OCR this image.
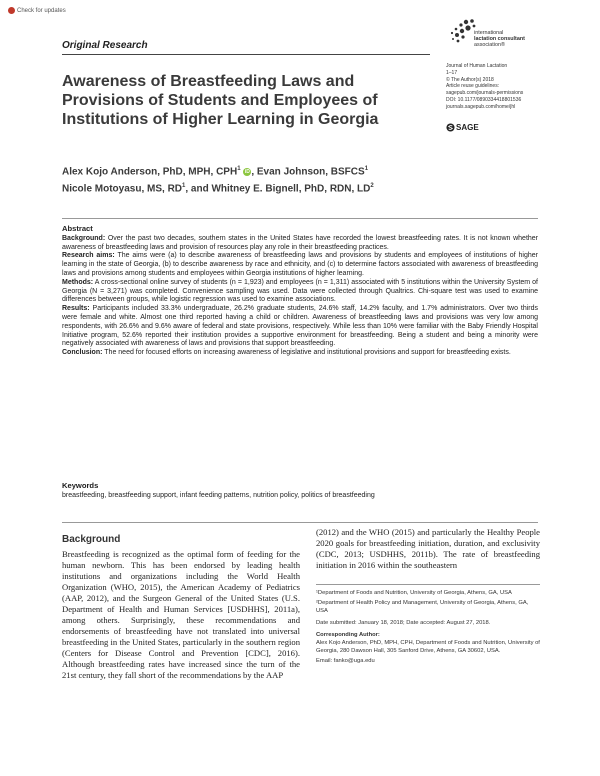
Check for updates
Original Research
international
lactation consultant
association®
Journal of Human Lactation
1–17
© The Author(s) 2018
Article reuse guidelines:
sagepub.com/journals-permissions
DOI: 10.1177/0890334418801536
journals.sagepub.com/home/jhl
SAGE
Awareness of Breastfeeding Laws and Provisions of Students and Employees of Institutions of Higher Learning in Georgia
Alex Kojo Anderson, PhD, MPH, CPH$^1$ iD , Evan Johnson, BSFCS$^1$
Nicole Motoyasu, MS, $RD^1$, and Whitney E. Bignell, PhD, RDN, $LD^2$

Abstract

Background: Over the past two decades, southern states in the United States have recorded the lowest breastfeeding rates. It is not known whether awareness of breastfeeding laws and provision of resources play any role in their breastfeeding practices.

Research aims: The aims were (a) to describe awareness of breastfeeding laws and provisions by students and employees of institutions of higher learning in the state of Georgia, (b) to describe awareness by race and ethnicity, and (c) to determine factors associated with awareness of breastfeeding laws and provisions among students and employees within Georgia institutions of higher learning.

Methods: A cross-sectional online survey of students (n = 1,923) and employees (n = 1,311) associated with 5 institutions within the University System of Georgia (N = 3,271) was completed. Convenience sampling was used. Data were collected through Qualtrics. Chi-square test was used to examine differences between groups, while logistic regression was used to examine associations.

Results: Participants included 33.3% undergraduate, 26.2% graduate students, 24.6% staff, 14.2% faculty, and 1.7% administrators. Over two thirds were female and white. Almost one third reported having a child or children. Awareness of breastfeeding laws and provisions was very low among respondents, with 26.6% and 9.6% aware of federal and state provisions, respectively. While less than 10% were familiar with the Baby Friendly Hospital Initiative program, 52.6% reported their institution provides a supportive environment for breastfeeding. Being a student and being a minority were negatively associated with awareness of laws and provisions that support breastfeeding.

Conclusion: The need for focused efforts on increasing awareness of legislative and institutional provisions and support for breastfeeding exists.

Keywords
breastfeeding, breastfeeding support, infant feeding patterns, nutrition policy, politics of breastfeeding
Background
Breastfeeding is recognized as the optimal form of feeding for the human newborn. This has been endorsed by leading health institutions and organizations including the World Health Organization (WHO, 2015), the American Academy of Pediatrics (AAP, 2012), and the Surgeon General of the United States (U.S. Department of Health and Human Services [USDHHS], 2011a), among others. Surprisingly, these recommendations and endorsements of breastfeeding have not translated into universal breastfeeding in the United States, particularly in the southern region (Centers for Disease Control and Prevention [CDC], 2016). Although breastfeeding rates have increased since the turn of the 21st century, they fall short of the recommendations by the AAP
(2012) and the WHO (2015) and particularly the Healthy People 2020 goals for breastfeeding initiation, duration, and exclusivity (CDC, 2013; USDHHS, 2011b). The rate of breastfeeding initiation in 2016 within the southeastern

¹Department of Foods and Nutrition, University of Georgia, Athens, GA, USA

²Department of Health Policy and Management, University of Georgia, Athens, GA, USA

Date submitted: January 18, 2018; Date accepted: August 27, 2018.

Corresponding Author:

Alex Kojo Anderson, PhD, MPH, CPH, Department of Foods and Nutrition, University of Georgia, 280 Dawson Hall, 305 Sanford Drive, Athens, GA 30602, USA.

Email: fanko@uga.edu
